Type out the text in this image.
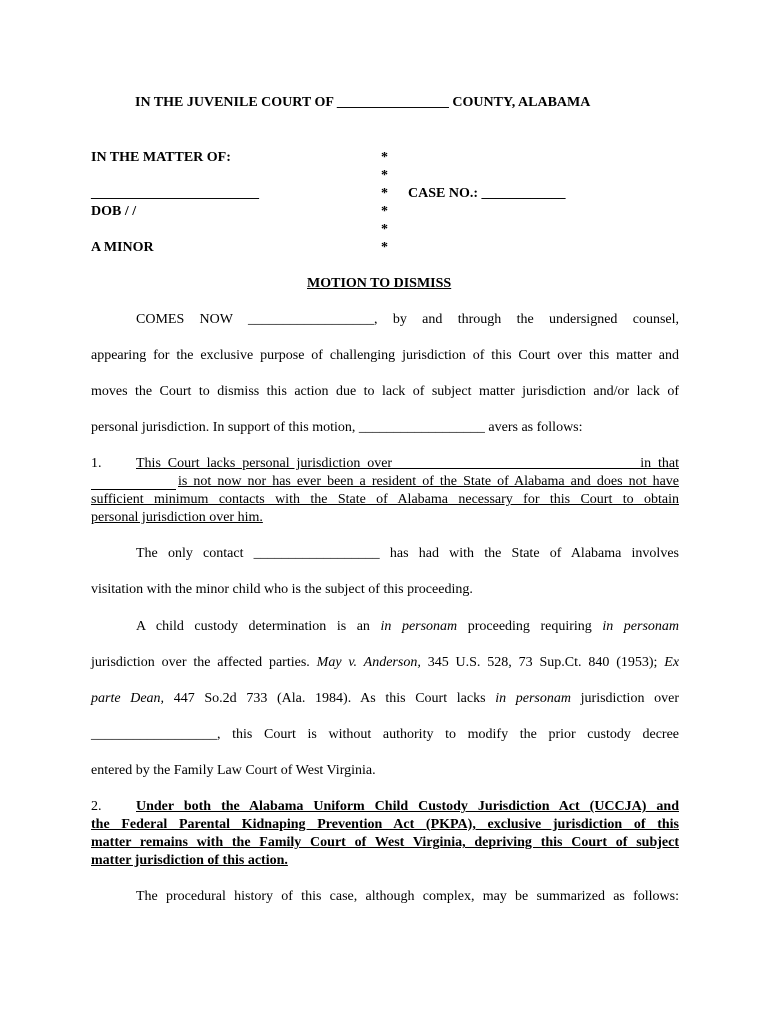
IN THE JUVENILE COURT OF ________________ COUNTY, ALABAMA
IN THE MATTER OF:
________________________
DOB / /
A MINOR
*
*
*
*
*
*
CASE NO.: ____________
MOTION TO DISMISS
COMES NOW __________________, by and through the undersigned counsel,
appearing for the exclusive purpose of challenging jurisdiction of this Court over this matter and
moves the Court to dismiss this action due to lack of subject matter jurisdiction and/or lack of
personal jurisdiction. In support of this motion, __________________ avers as follows:
1. This Court lacks personal jurisdiction over                                    in that
is not now nor has ever been a resident of the State of Alabama and does not have
sufficient minimum contacts with the State of Alabama necessary for this Court to obtain
personal jurisdiction over him.
The only contact __________________ has had with the State of Alabama involves
visitation with the minor child who is the subject of this proceeding.
A child custody determination is an in personam proceeding requiring in personam
jurisdiction over the affected parties. May v. Anderson, 345 U.S. 528, 73 Sup.Ct. 840 (1953); Ex
parte Dean, 447 So.2d 733 (Ala. 1984). As this Court lacks in personam jurisdiction over
__________________, this Court is without authority to modify the prior custody decree
entered by the Family Law Court of West Virginia.
2. Under both the Alabama Uniform Child Custody Jurisdiction Act (UCCJA) and
the Federal Parental Kidnaping Prevention Act (PKPA), exclusive jurisdiction of this
matter remains with the Family Court of West Virginia, depriving this Court of subject
matter jurisdiction of this action.
The procedural history of this case, although complex, may be summarized as follows:
